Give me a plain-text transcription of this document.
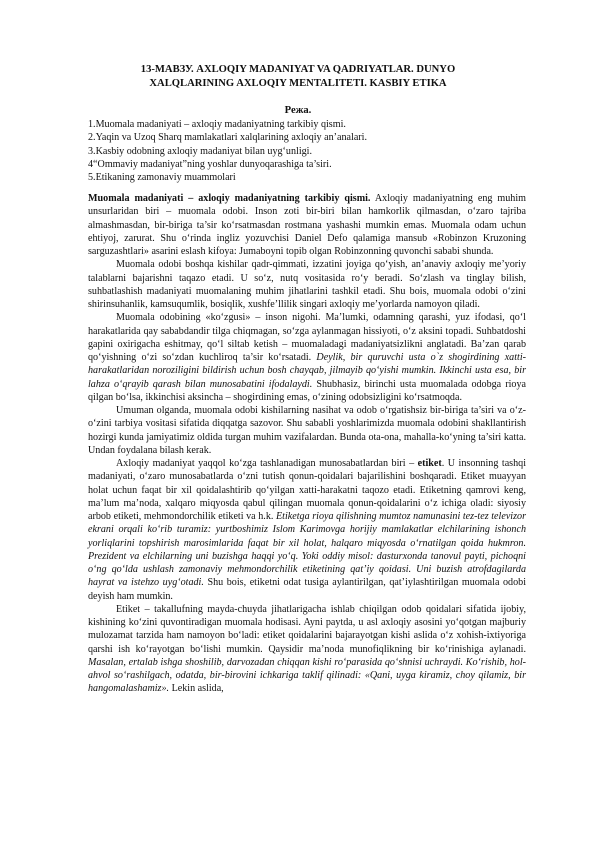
13-МАВЗУ. AXLOQIY MADANIYAT VA QADRIYATLAR. DUNYO
XALQLARINING AXLOQIY MENTALITETI. KASBIY ETIKA
Режа.
1.Muomala madaniyati – axloqiy madaniyatning tarkibiy qismi.
2.Yaqin va Uzoq Sharq mamlakatlari xalqlarining axloqiy an’analari.
3.Kasbiy odobning axloqiy madaniyat bilan uyg‘unligi.
4“Ommaviy madaniyat”ning yoshlar dunyoqarashiga ta’siri.
5.Etikaning zamonaviy muammolari

Muomala madaniyati – axloqiy madaniyatning tarkibiy qismi. Axloqiy madaniyatning eng muhim unsurlaridan biri – muomala odobi. Inson zoti bir-biri bilan hamkorlik qilmasdan, o‘zaro tajriba almashmasdan, bir-biriga ta’sir ko‘rsatmasdan rostmana yashashi mumkin emas. Muomala odam uchun ehtiyoj, zarurat. Shu o‘rinda ingliz yozuvchisi Daniel Defo qalamiga mansub «Robinzon Kruzoning sarguzashtlari» asarini eslash kifoya: Jumaboyni topib olgan Robinzonning quvonchi sababi shunda.

Muomala odobi boshqa kishilar qadr-qimmati, izzatini joyiga qo‘yish, an’anaviy axloqiy me’yoriy talablarni bajarishni taqazo etadi. U so‘z, nutq vositasida ro‘y beradi. So‘zlash va tinglay bilish, suhbatlashish madaniyati muomalaning muhim jihatlarini tashkil etadi. Shu bois, muomala odobi o‘zini shirinsuhanlik, kamsuqumlik, bosiqlik, xushfe’llilik singari axloqiy me’yorlarda namoyon qiladi.

Muomala odobining «ko‘zgusi» – inson nigohi. Ma’lumki, odamning qarashi, yuz ifodasi, qo‘l harakatlarida qay sababdandir tilga chiqmagan, so‘zga aylanmagan hissiyoti, o‘z aksini topadi. Suhbatdoshi gapini oxirigacha eshitmay, qo‘l siltab ketish – muomaladagi madaniyatsizlikni anglatadi. Ba’zan qarab qo‘yishning o‘zi so‘zdan kuchliroq ta’sir ko‘rsatadi. Deylik, bir quruvchi usta o`z shogirdining xatti-harakatlaridan noroziligini bildirish uchun bosh chayqab, jilmayib qo‘yishi mumkin. Ikkinchi usta esa, bir lahza o‘qrayib qarash bilan munosabatini ifodalaydi. Shubhasiz, birinchi usta muomalada odobga rioya qilgan bo‘lsa, ikkinchisi aksincha – shogirdining emas, o‘zining odobsizligini ko‘rsatmoqda.

Umuman olganda, muomala odobi kishilarning nasihat va odob o‘rgatishsiz bir-biriga ta’siri va o‘z-o‘zini tarbiya vositasi sifatida diqqatga sazovor. Shu sababli yoshlarimizda muomala odobini shakllantirish hozirgi kunda jamiyatimiz oldida turgan muhim vazifalardan. Bunda ota-ona, mahalla-ko‘yning ta’siri katta. Undan foydalana bilash kerak.

Axloqiy madaniyat yaqqol ko‘zga tashlanadigan munosabatlardan biri – etiket. U insonning tashqi madaniyati, o‘zaro munosabatlarda o‘zni tutish qonun-qoidalari bajarilishini boshqaradi. Etiket muayyan holat uchun faqat bir xil qoidalashtirib qo‘yilgan xatti-harakatni taqozo etadi. Etiketning qamrovi keng, ma’lum ma’noda, xalqaro miqyosda qabul qilingan muomala qonun-qoidalarini o‘z ichiga oladi: siyosiy arbob etiketi, mehmondorchilik etiketi va h.k. Etiketga rioya qilishning mumtoz namunasini tez-tez televizor ekrani orqali ko‘rib turamiz: yurtboshimiz Islom Karimovga horijiy mamlakatlar elchilarining ishonch yorliqlarini topshirish marosimlarida faqat bir xil holat, halqaro miqyosda o‘rnatilgan qoida hukmron. Prezident va elchilarning uni buzishga haqqi yo‘q. Yoki oddiy misol: dasturxonda tanovul payti, pichoqni o‘ng qo‘lda ushlash zamonaviy mehmondorchilik etiketining qat’iy qoidasi. Uni buzish atrofdagilarda hayrat va istehzo uyg‘otadi. Shu bois, etiketni odat tusiga aylantirilgan, qat’iylashtirilgan muomala odobi deyish ham mumkin.

Etiket – takallufning mayda-chuyda jihatlarigacha ishlab chiqilgan odob qoidalari sifatida ijobiy, kishining ko‘zini quvontiradigan muomala hodisasi. Ayni paytda, u asl axloqiy asosini yo‘qotgan majburiy mulozamat tarzida ham namoyon bo‘ladi: etiket qoidalarini bajarayotgan kishi aslida o‘z xohish-ixtiyoriga qarshi ish ko‘rayotgan bo‘lishi mumkin. Qaysidir ma’noda munofiqlikning bir ko‘rinishiga aylanadi. Masalan, ertalab ishga shoshilib, darvozadan chiqqan kishi ro‘parasida qo‘shnisi uchraydi. Ko‘rishib, hol-ahvol so‘rashilgach, odatda, bir-birovini ichkariga taklif qilinadi: «Qani, uyga kiramiz, choy qilamiz, bir hangomalashamiz». Lekin aslida,
